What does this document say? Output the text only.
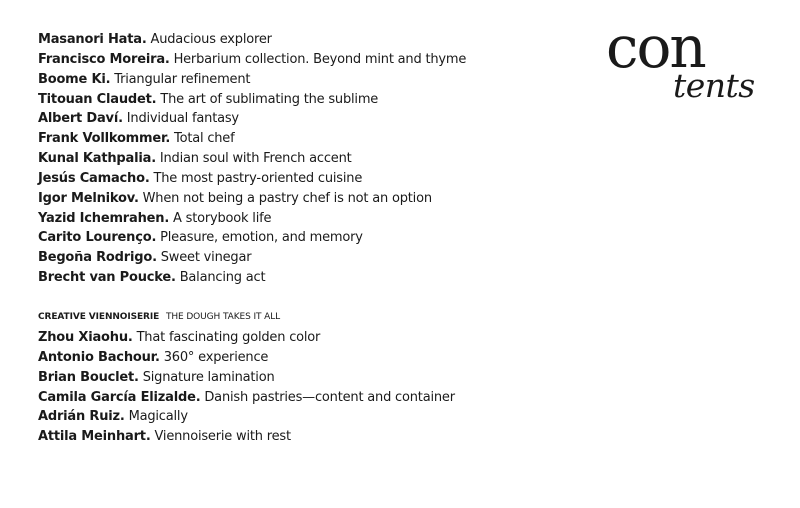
con
tents
Masanori Hata. Audacious explorer
Francisco Moreira. Herbarium collection. Beyond mint and thyme
Boome Ki. Triangular refinement
Titouan Claudet. The art of sublimating the sublime
Albert Daví. Individual fantasy
Frank Vollkommer. Total chef
Kunal Kathpalia. Indian soul with French accent
Jesús Camacho. The most pastry-oriented cuisine
Igor Melnikov. When not being a pastry chef is not an option
Yazid Ichemrahen. A storybook life
Carito Lourenço. Pleasure, emotion, and memory
Begoña Rodrigo. Sweet vinegar
Brecht van Poucke. Balancing act
CREATIVE VIENNOISERIE THE DOUGH TAKES IT ALL
Zhou Xiaohu. That fascinating golden color
Antonio Bachour. 360° experience
Brian Bouclet. Signature lamination
Camila García Elizalde. Danish pastries—content and container
Adrián Ruiz. Magically
Attila Meinhart. Viennoiserie with rest
